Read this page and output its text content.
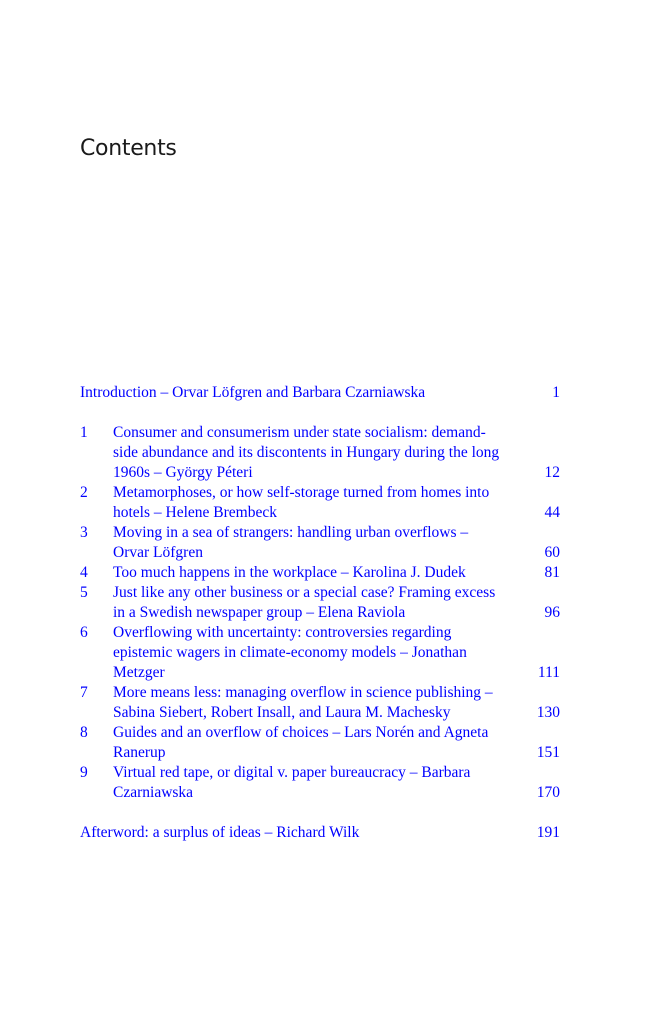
Contents
Introduction – Orvar Löfgren and Barbara Czarniawska	1
1	Consumer and consumerism under state socialism: demand-side abundance and its discontents in Hungary during the long 1960s – György Péteri	12
2	Metamorphoses, or how self-storage turned from homes into hotels – Helene Brembeck	44
3	Moving in a sea of strangers: handling urban overflows – Orvar Löfgren	60
4	Too much happens in the workplace – Karolina J. Dudek	81
5	Just like any other business or a special case? Framing excess in a Swedish newspaper group – Elena Raviola	96
6	Overflowing with uncertainty: controversies regarding epistemic wagers in climate-economy models – Jonathan Metzger	111
7	More means less: managing overflow in science publishing – Sabina Siebert, Robert Insall, and Laura M. Machesky	130
8	Guides and an overflow of choices – Lars Norén and Agneta Ranerup	151
9	Virtual red tape, or digital v. paper bureaucracy – Barbara Czarniawska	170
Afterword: a surplus of ideas – Richard Wilk	191
